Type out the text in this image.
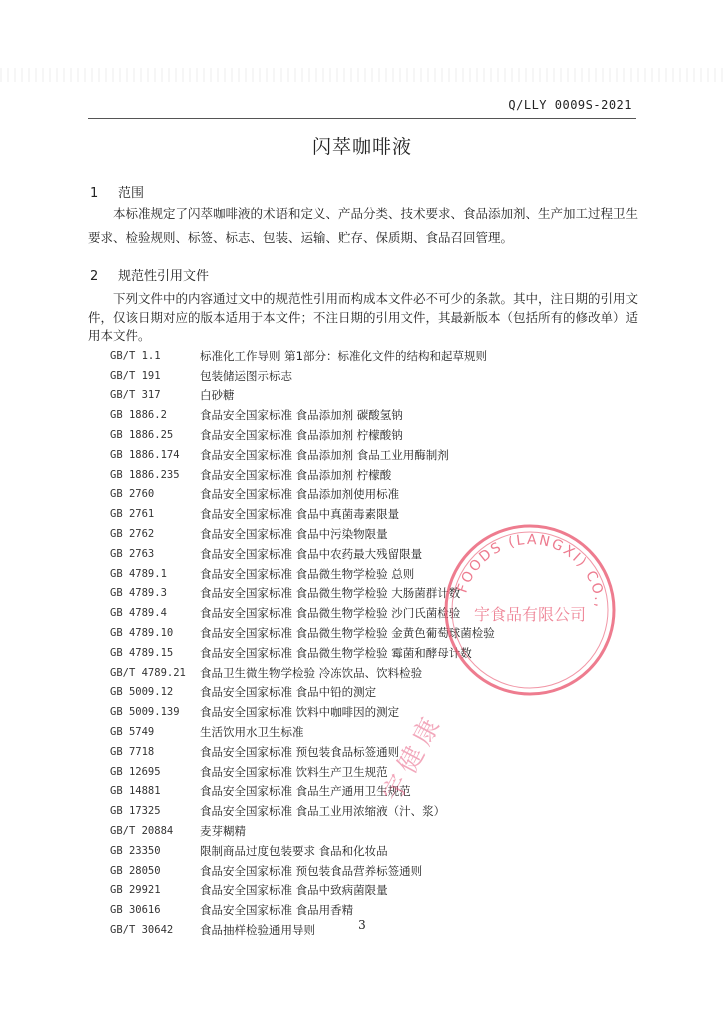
Q/LLY 0009S-2021
闪萃咖啡液
1 范围

本标准规定了闪萃咖啡液的术语和定义、产品分类、技术要求、食品添加剂、生产加工过程卫生

要求、检验规则、标签、标志、包装、运输、贮存、保质期、食品召回管理。

2 规范性引用文件

下列文件中的内容通过文中的规范性引用而构成本文件必不可少的条款。其中，注日期的引用文

件，仅该日期对应的版本适用于本文件；不注日期的引用文件，其最新版本（包括所有的修改单）适

用本文件。

GB/T 1.1	标准化工作导则 第1部分：标准化文件的结构和起草规则
GB/T 191	包装储运图示标志
GB/T 317	白砂糖
GB 1886.2	食品安全国家标准 食品添加剂 碳酸氢钠
GB 1886.25	食品安全国家标准 食品添加剂 柠檬酸钠
GB 1886.174	食品安全国家标准 食品添加剂 食品工业用酶制剂
GB 1886.235	食品安全国家标准 食品添加剂 柠檬酸
GB 2760	食品安全国家标准 食品添加剂使用标准
GB 2761	食品安全国家标准 食品中真菌毒素限量
GB 2762	食品安全国家标准 食品中污染物限量
GB 2763	食品安全国家标准 食品中农药最大残留限量
GB 4789.1	食品安全国家标准 食品微生物学检验 总则
GB 4789.3	食品安全国家标准 食品微生物学检验 大肠菌群计数
GB 4789.4	食品安全国家标准 食品微生物学检验 沙门氏菌检验
GB 4789.10	食品安全国家标准 食品微生物学检验 金黄色葡萄球菌检验
GB 4789.15	食品安全国家标准 食品微生物学检验 霉菌和酵母计数
GB/T 4789.21	食品卫生微生物学检验 冷冻饮品、饮料检验
GB 5009.12	食品安全国家标准 食品中铅的测定
GB 5009.139	食品安全国家标准 饮料中咖啡因的测定
GB 5749	生活饮用水卫生标准
GB 7718	食品安全国家标准 预包装食品标签通则
GB 12695	食品安全国家标准 饮料生产卫生规范
GB 14881	食品安全国家标准 食品生产通用卫生规范
GB 17325	食品安全国家标准 食品工业用浓缩液（汁、浆）
GB/T 20884	麦芽糊精
GB 23350	限制商品过度包装要求 食品和化妆品
GB 28050	食品安全国家标准 预包装食品营养标签通则
GB 29921	食品安全国家标准 食品中致病菌限量
GB 30616	食品安全国家标准 食品用香精
GB/T 30642	食品抽样检验通用导则	3
FOODS (LANGXI) CO.,
宇食品有限公司
宇健康
